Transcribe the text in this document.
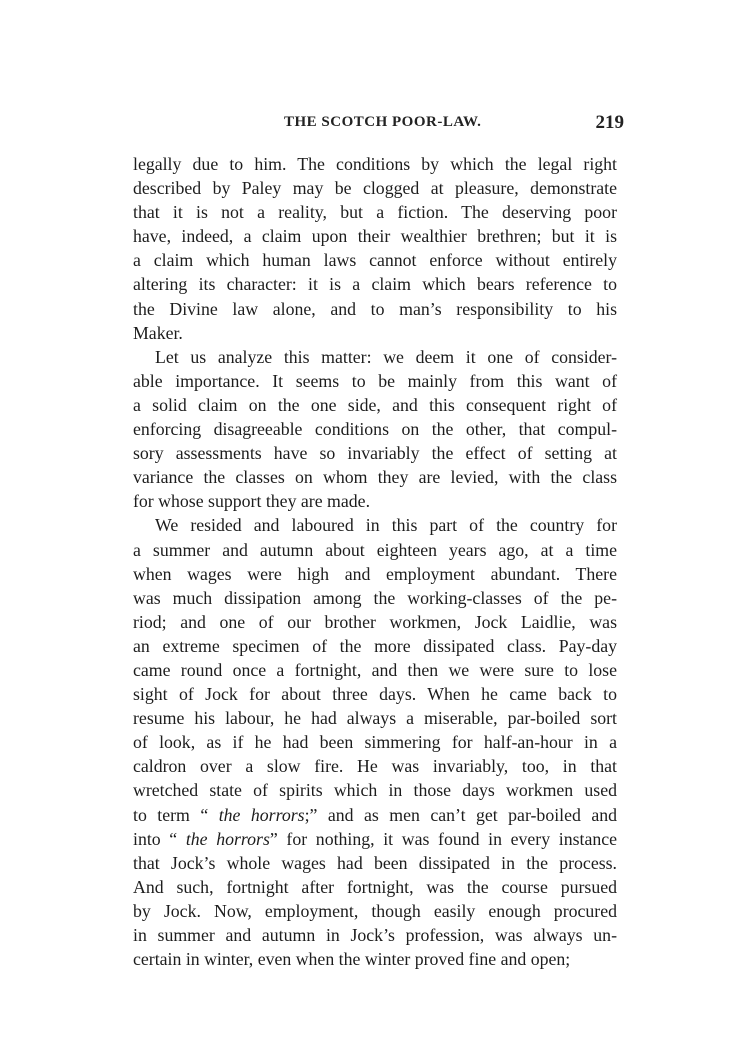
THE SCOTCH POOR-LAW.	219
legally due to him. The conditions by which the legal right
described by Paley may be clogged at pleasure, demonstrate
that it is not a reality, but a fiction. The deserving poor
have, indeed, a claim upon their wealthier brethren; but it is
a claim which human laws cannot enforce without entirely
altering its character: it is a claim which bears reference to
the Divine law alone, and to man’s responsibility to his
Maker.
Let us analyze this matter: we deem it one of consider-
able importance. It seems to be mainly from this want of
a solid claim on the one side, and this consequent right of
enforcing disagreeable conditions on the other, that compul-
sory assessments have so invariably the effect of setting at
variance the classes on whom they are levied, with the class
for whose support they are made.
We resided and laboured in this part of the country for
a summer and autumn about eighteen years ago, at a time
when wages were high and employment abundant. There
was much dissipation among the working-classes of the pe-
riod; and one of our brother workmen, Jock Laidlie, was
an extreme specimen of the more dissipated class. Pay-day
came round once a fortnight, and then we were sure to lose
sight of Jock for about three days. When he came back to
resume his labour, he had always a miserable, par-boiled sort
of look, as if he had been simmering for half-an-hour in a
caldron over a slow fire. He was invariably, too, in that
wretched state of spirits which in those days workmen used
to term “ the horrors;” and as men can’t get par-boiled and
into “ the horrors” for nothing, it was found in every instance
that Jock’s whole wages had been dissipated in the process.
And such, fortnight after fortnight, was the course pursued
by Jock. Now, employment, though easily enough procured
in summer and autumn in Jock’s profession, was always un-
certain in winter, even when the winter proved fine and open;
